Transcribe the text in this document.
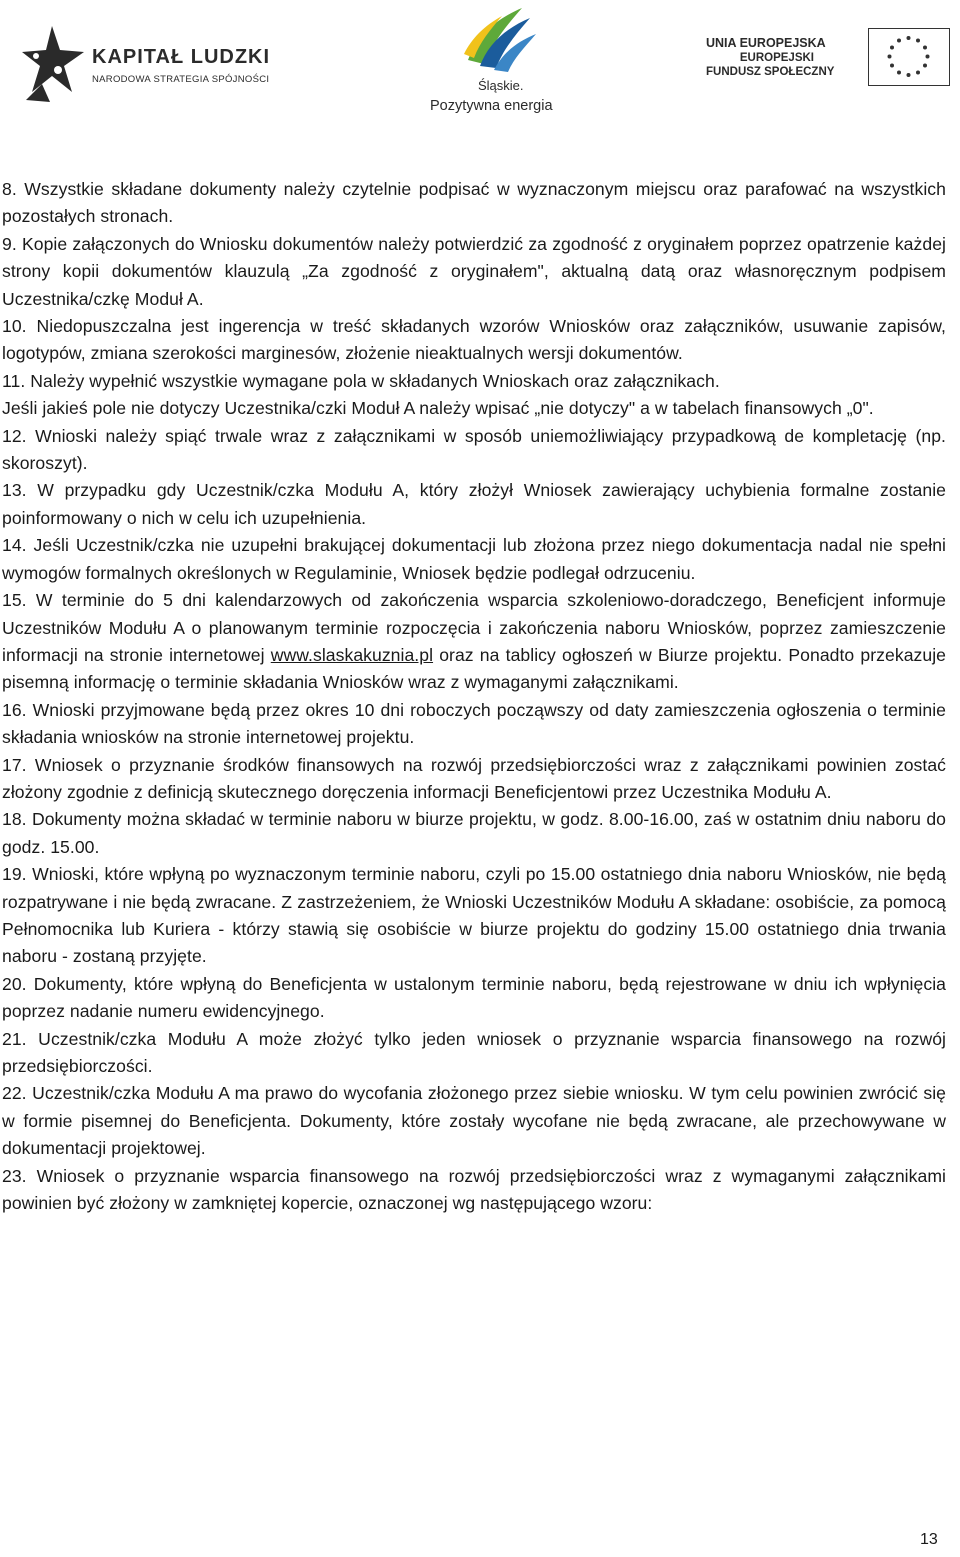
KAPITAŁ LUDZKI
NARODOWA STRATEGIA SPÓJNOŚCI	Śląskie.
Pozytywna energia
UNIA EUROPEJSKA
EUROPEJSKI
FUNDUSZ SPOŁECZNY

8. Wszystkie składane dokumenty należy czytelnie podpisać w wyznaczonym miejscu oraz parafować na wszystkich pozostałych stronach.

9. Kopie załączonych do Wniosku dokumentów należy potwierdzić za zgodność z oryginałem poprzez opatrzenie każdej strony kopii dokumentów klauzulą „Za zgodność z oryginałem", aktualną datą oraz własnoręcznym podpisem Uczestnika/czkę Moduł A.

10. Niedopuszczalna jest ingerencja w treść składanych wzorów Wniosków oraz załączników, usuwanie zapisów, logotypów, zmiana szerokości marginesów, złożenie nieaktualnych wersji dokumentów.

11. Należy wypełnić wszystkie wymagane pola w składanych Wnioskach oraz załącznikach.

Jeśli jakieś pole nie dotyczy Uczestnika/czki Moduł A należy wpisać „nie dotyczy" a w tabelach finansowych „0".

12. Wnioski należy spiąć trwale wraz z załącznikami w sposób uniemożliwiający przypadkową de kompletację (np. skoroszyt).

13. W przypadku gdy Uczestnik/czka Modułu A, który złożył Wniosek zawierający uchybienia formalne zostanie poinformowany o nich w celu ich uzupełnienia.

14. Jeśli Uczestnik/czka nie uzupełni brakującej dokumentacji lub złożona przez niego dokumentacja nadal nie spełni wymogów formalnych określonych w Regulaminie, Wniosek będzie podlegał odrzuceniu.

15. W terminie do 5 dni kalendarzowych od zakończenia wsparcia szkoleniowo-doradczego, Beneficjent informuje Uczestników Modułu A o planowanym terminie rozpoczęcia i zakończenia naboru Wniosków, poprzez zamieszczenie informacji na stronie internetowej www.slaskakuznia.pl oraz na tablicy ogłoszeń w Biurze projektu. Ponadto przekazuje pisemną informację o terminie składania Wniosków wraz z wymaganymi załącznikami.

16. Wnioski przyjmowane będą przez okres 10 dni roboczych począwszy od daty zamieszczenia ogłoszenia o terminie składania wniosków na stronie internetowej projektu.

17. Wniosek o przyznanie środków finansowych na rozwój przedsiębiorczości wraz z załącznikami powinien zostać złożony zgodnie z definicją skutecznego doręczenia informacji Beneficjentowi przez Uczestnika Modułu A.

18. Dokumenty można składać w terminie naboru w biurze projektu, w godz. 8.00-16.00, zaś w ostatnim dniu naboru do godz. 15.00.

19. Wnioski, które wpłyną po wyznaczonym terminie naboru, czyli po 15.00 ostatniego dnia naboru Wniosków, nie będą rozpatrywane i nie będą zwracane. Z zastrzeżeniem, że Wnioski Uczestników Modułu A składane: osobiście, za pomocą Pełnomocnika lub Kuriera - którzy stawią się osobiście w biurze projektu do godziny 15.00 ostatniego dnia trwania naboru - zostaną przyjęte.

20. Dokumenty, które wpłyną do Beneficjenta w ustalonym terminie naboru, będą rejestrowane w dniu ich wpłynięcia poprzez nadanie numeru ewidencyjnego.

21. Uczestnik/czka Modułu A może złożyć tylko jeden wniosek o przyznanie wsparcia finansowego na rozwój przedsiębiorczości.

22. Uczestnik/czka Modułu A ma prawo do wycofania złożonego przez siebie wniosku. W tym celu powinien zwrócić się w formie pisemnej do Beneficjenta. Dokumenty, które zostały wycofane nie będą zwracane, ale przechowywane w dokumentacji projektowej.

23. Wniosek o przyznanie wsparcia finansowego na rozwój przedsiębiorczości wraz z wymaganymi załącznikami powinien być złożony w zamkniętej kopercie, oznaczonej wg następującego wzoru:

13
